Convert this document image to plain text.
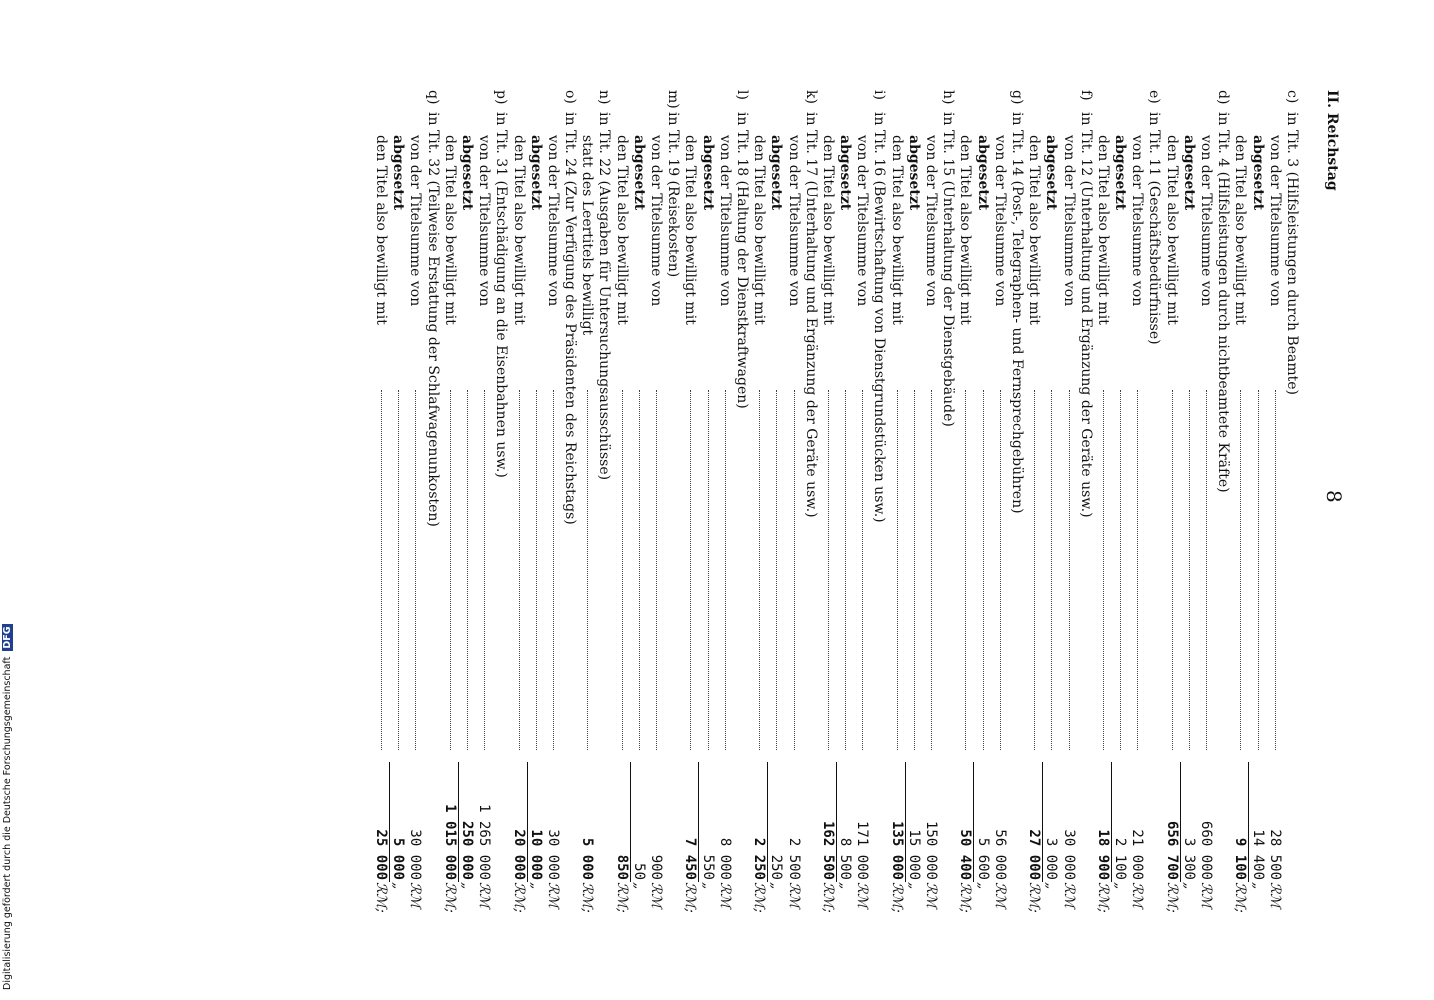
II. Reichstag
8
c)
in Tit. 3 (Hilfsleistungen durch Beamte)
von der Titelsumme von
28 500
ℛℳ
abgesetzt
14 400
„
den Titel also bewilligt mit
9 100
ℛℳ;
d)
in Tit. 4 (Hilfsleistungen durch nichtbeamtete Kräfte)
von der Titelsumme von
660 000
ℛℳ
abgesetzt
3 300
„
den Titel also bewilligt mit
656 700
ℛℳ;
e)
in Tit. 11 (Geschäftsbedürfnisse)
von der Titelsumme von
21 000
ℛℳ
abgesetzt
2 100
„
den Titel also bewilligt mit
18 900
ℛℳ;
f)
in Tit. 12 (Unterhaltung und Ergänzung der Geräte usw.)
von der Titelsumme von
30 000
ℛℳ
abgesetzt
3 000
„
den Titel also bewilligt mit
27 000
ℛℳ;
g)
in Tit. 14 (Post-, Telegraphen- und Fernsprechgebühren)
von der Titelsumme von
56 000
ℛℳ
abgesetzt
5 600
„
den Titel also bewilligt mit
50 400
ℛℳ;
h)
in Tit. 15 (Unterhaltung der Dienstgebäude)
von der Titelsumme von
150 000
ℛℳ
abgesetzt
15 000
„
den Titel also bewilligt mit
135 000
ℛℳ;
i)
in Tit. 16 (Bewirtschaftung von Dienstgrundstücken usw.)
von der Titelsumme von
171 000
ℛℳ
abgesetzt
8 500
„
den Titel also bewilligt mit
162 500
ℛℳ;
k)
in Tit. 17 (Unterhaltung und Ergänzung der Geräte usw.)
von der Titelsumme von
2 500
ℛℳ
abgesetzt
250
„
den Titel also bewilligt mit
2 250
ℛℳ;
l)
in Tit. 18 (Haltung der Dienstkraftwagen)
von der Titelsumme von
8 000
ℛℳ
abgesetzt
550
„
den Titel also bewilligt mit
7 450
ℛℳ;
m)
in Tit. 19 (Reisekosten)
von der Titelsumme von
900
ℛℳ
abgesetzt
50
„
den Titel also bewilligt mit
850
ℛℳ;
n)
in Tit. 22 (Ausgaben für Untersuchungsausschüsse)
statt des Leertitels bewilligt
5 000
ℛℳ;
o)
in Tit. 24 (Zur Verfügung des Präsidenten des Reichstags)
von der Titelsumme von
30 000
ℛℳ
abgesetzt
10 000
„
den Titel also bewilligt mit
20 000
ℛℳ;
p)
in Tit. 31 (Entschädigung an die Eisenbahnen usw.)
von der Titelsumme von
1 265 000
ℛℳ
abgesetzt
250 000
„
den Titel also bewilligt mit
1 015 000
ℛℳ;
q)
in Tit. 32 (Teilweise Erstattung der Schlafwagenunkosten)
von der Titelsumme von
30 000
ℛℳ
abgesetzt
5 000
„
den Titel also bewilligt mit
25 000
ℛℳ;
Digitalisierung gefördert durch die Deutsche Forschungsgemeinschaft DFG
